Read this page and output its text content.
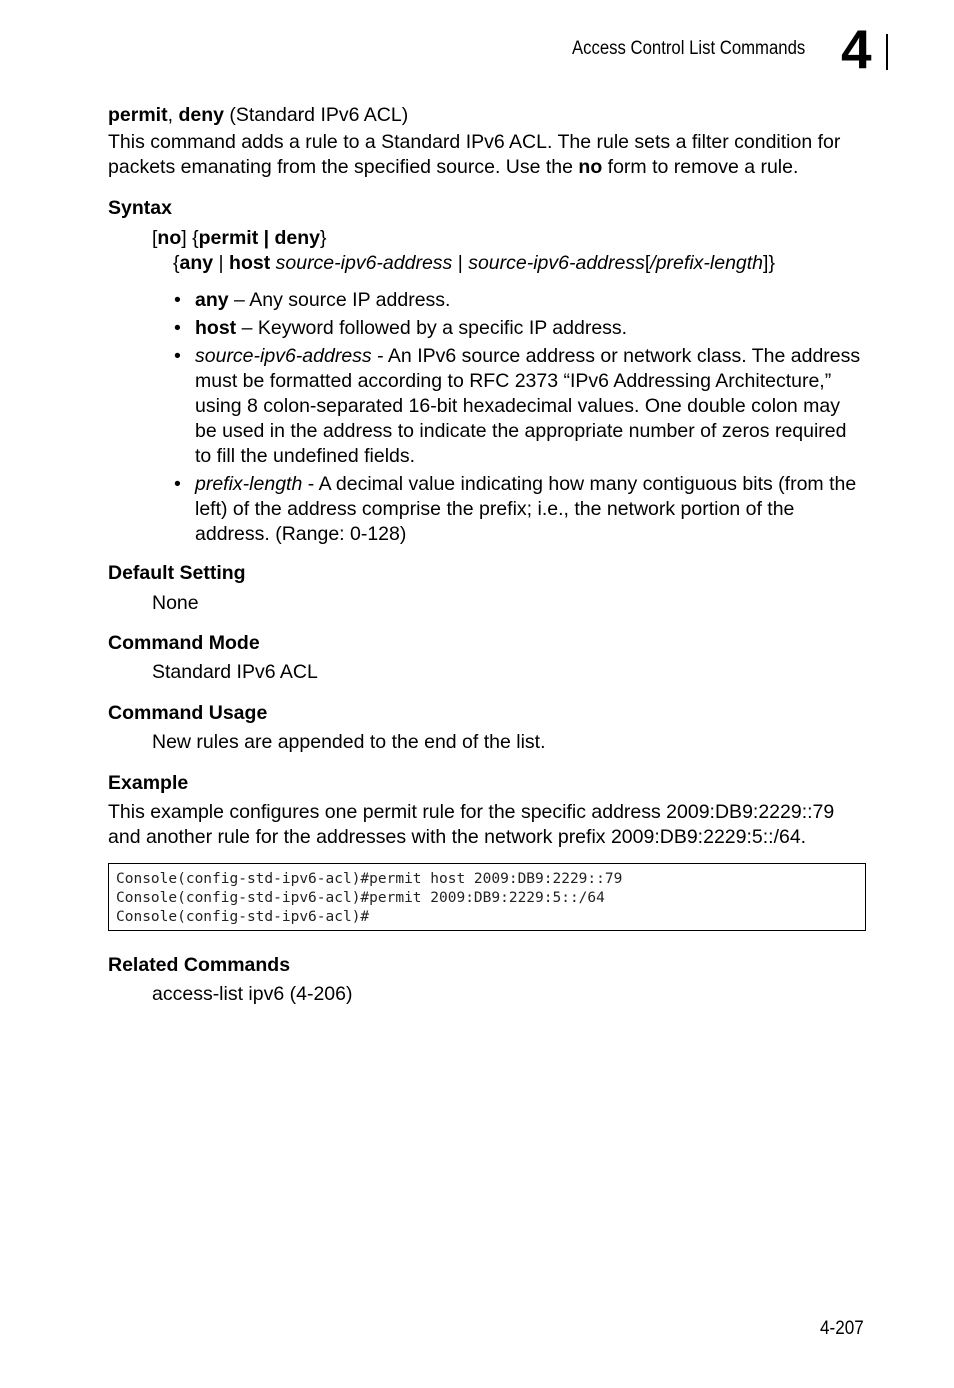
Access Control List Commands 4
permit, deny (Standard IPv6 ACL)
This command adds a rule to a Standard IPv6 ACL. The rule sets a filter condition for packets emanating from the specified source. Use the no form to remove a rule.
Syntax
[no] {permit | deny}
{any | host source-ipv6-address | source-ipv6-address[/prefix-length]}
• any – Any source IP address.
• host – Keyword followed by a specific IP address.
• source-ipv6-address - An IPv6 source address or network class. The address must be formatted according to RFC 2373 “IPv6 Addressing Architecture,” using 8 colon-separated 16-bit hexadecimal values. One double colon may be used in the address to indicate the appropriate number of zeros required to fill the undefined fields.
• prefix-length - A decimal value indicating how many contiguous bits (from the left) of the address comprise the prefix; i.e., the network portion of the address. (Range: 0-128)
Default Setting
None
Command Mode
Standard IPv6 ACL
Command Usage
New rules are appended to the end of the list.
Example
This example configures one permit rule for the specific address 2009:DB9:2229::79 and another rule for the addresses with the network prefix 2009:DB9:2229:5::/64.
Related Commands
access-list ipv6 (4-206)
Console(config-std-ipv6-acl)#permit host 2009:DB9:2229::79
Console(config-std-ipv6-acl)#permit 2009:DB9:2229:5::/64
Console(config-std-ipv6-acl)#
4-207
